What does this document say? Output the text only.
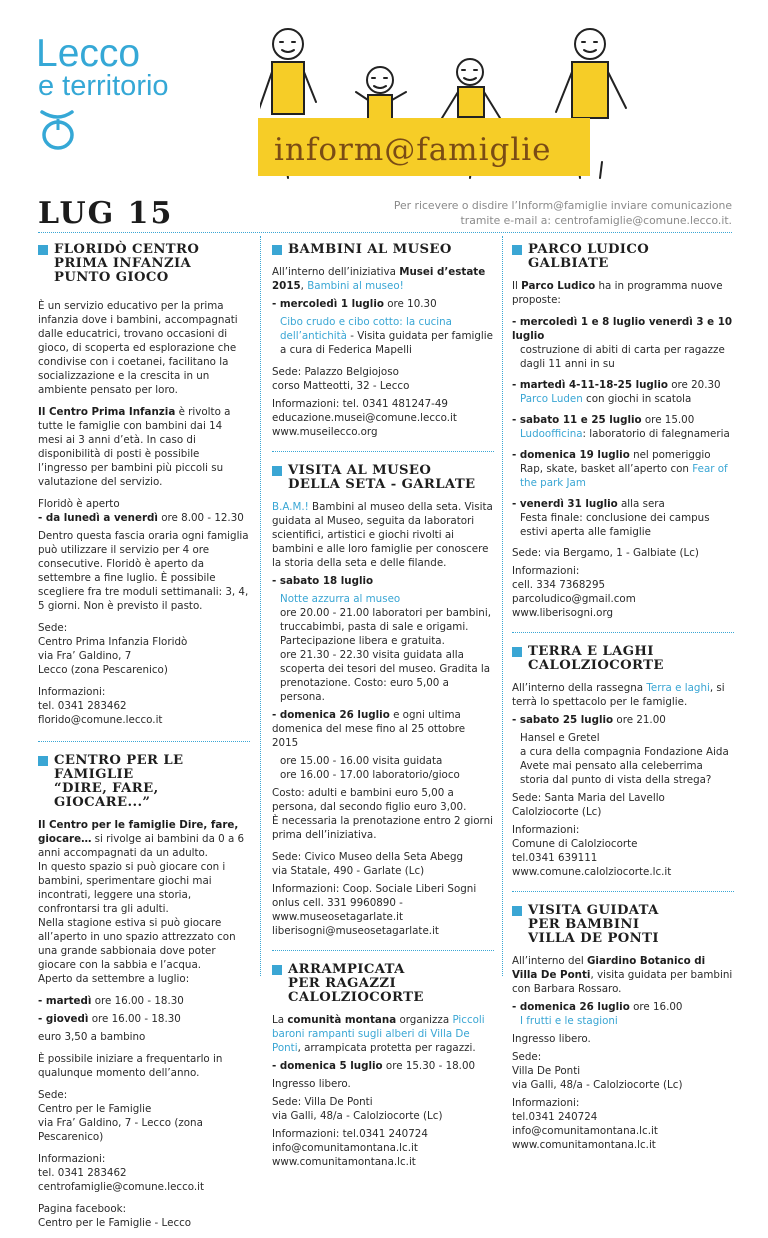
Lecco
e territorio
inform@famiglie
LUG 15	Per ricevere o disdire l’Inform@famiglie inviare comunicazione
tramite e-mail a: centrofamiglie@comune.lecco.it.
FLORIDÒ CENTRO
PRIMA INFANZIA
PUNTO GIOCO

È un servizio educativo per la prima infanzia dove i bambini, accompagnati dalle educatrici, trovano occasioni di gioco, di scoperta ed esplorazione che condivise con i coetanei, facilitano la socializzazione e la crescita in un ambiente pensato per loro.

Il Centro Prima Infanzia è rivolto a tutte le famiglie con bambini dai 14 mesi ai 3 anni d’età. In caso di disponibilità di posti è possibile l’ingresso per bambini più piccoli su valutazione del servizio.

Floridò è aperto
- da lunedì a venerdì ore 8.00 - 12.30

Dentro questa fascia oraria ogni famiglia può utilizzare il servizio per 4 ore consecutive. Floridò è aperto da settembre a fine luglio. È possibile scegliere fra tre moduli settimanali: 3, 4, 5 giorni. Non è previsto il pasto.

Sede:
Centro Prima Infanzia Floridò
via Fra’ Galdino, 7
Lecco (zona Pescarenico)

Informazioni:
tel. 0341 283462
florido@comune.lecco.it

CENTRO PER LE FAMIGLIE
“DIRE, FARE, GIOCARE...”

Il Centro per le famiglie Dire, fare, giocare… si rivolge ai bambini da 0 a 6 anni accompagnati da un adulto.
In questo spazio si può giocare con i bambini, sperimentare giochi mai incontrati, leggere una storia, confrontarsi tra gli adulti.
Nella stagione estiva si può giocare all’aperto in uno spazio attrezzato con una grande sabbionaia dove poter giocare con la sabbia e l’acqua.
Aperto da settembre a luglio:

- martedì ore 16.00 - 18.30

- giovedì ore 16.00 - 18.30

euro 3,50 a bambino

È possibile iniziare a frequentarlo in qualunque momento dell’anno.

Sede:
Centro per le Famiglie
via Fra’ Galdino, 7 - Lecco (zona Pescarenico)

Informazioni:
tel. 0341 283462
centrofamiglie@comune.lecco.it

Pagina facebook:
Centro per le Famiglie - Lecco

BAMBINI AL MUSEO

All’interno dell’iniziativa Musei d’estate 2015, Bambini al museo!

- mercoledì 1 luglio ore 10.30

Cibo crudo e cibo cotto: la cucina dell’antichità - Visita guidata per famiglie
a cura di Federica Mapelli

Sede: Palazzo Belgiojoso
corso Matteotti, 32 - Lecco

Informazioni: tel. 0341 481247-49
educazione.musei@comune.lecco.it
www.museilecco.org

VISITA AL MUSEO
DELLA SETA - GARLATE

B.A.M.! Bambini al museo della seta. Visita guidata al Museo, seguita da laboratori scientifici, artistici e giochi rivolti ai bambini e alle loro famiglie per conoscere la storia della seta e delle filande.

- sabato 18 luglio

Notte azzurra al museo
ore 20.00 - 21.00 laboratori per bambini, truccabimbi, pasta di sale e origami. Partecipazione libera e gratuita.
ore 21.30 - 22.30 visita guidata alla scoperta dei tesori del museo. Gradita la prenotazione. Costo: euro 5,00 a persona.

- domenica 26 luglio e ogni ultima domenica del mese fino al 25 ottobre 2015

ore 15.00 - 16.00 visita guidata
ore 16.00 - 17.00 laboratorio/gioco

Costo: adulti e bambini euro 5,00 a persona, dal secondo figlio euro 3,00.
È necessaria la prenotazione entro 2 giorni prima dell’iniziativa.

Sede: Civico Museo della Seta Abegg
via Statale, 490 - Garlate (Lc)

Informazioni: Coop. Sociale Liberi Sogni onlus cell. 331 9960890 - www.museosetagarlate.it liberisogni@museosetagarlate.it

ARRAMPICATA
PER RAGAZZI
CALOLZIOCORTE

La comunità montana organizza Piccoli baroni rampanti sugli alberi di Villa De Ponti, arrampicata protetta per ragazzi.

- domenica 5 luglio ore 15.30 - 18.00

Ingresso libero.

Sede: Villa De Ponti
via Galli, 48/a - Calolziocorte (Lc)

Informazioni: tel.0341 240724
info@comunitamontana.lc.it
www.comunitamontana.lc.it

PARCO LUDICO GALBIATE

Il Parco Ludico ha in programma nuove proposte:

- mercoledì 1 e 8 luglio venerdì 3 e 10 luglio

costruzione di abiti di carta per ragazze dagli 11 anni in su

- martedì 4-11-18-25 luglio ore 20.30
Parco Luden con giochi in scatola

- sabato 11 e 25 luglio ore 15.00
Ludoofficina: laboratorio di falegnameria

- domenica 19 luglio nel pomeriggio

Rap, skate, basket all’aperto con Fear of the park Jam

- venerdì 31 luglio alla sera

Festa finale: conclusione dei campus estivi aperta alle famiglie

Sede: via Bergamo, 1 - Galbiate (Lc)

Informazioni:
cell. 334 7368295
parcoludico@gmail.com
www.liberisogni.org

TERRA E LAGHI
CALOLZIOCORTE

All’interno della rassegna Terra e laghi, si terrà lo spettacolo per le famiglie.

- sabato 25 luglio ore 21.00

Hansel e Gretel
a cura della compagnia Fondazione Aida
Avete mai pensato alla celeberrima storia dal punto di vista della strega?

Sede: Santa Maria del Lavello
Calolziocorte (Lc)

Informazioni:
Comune di Calolziocorte
tel.0341 639111
www.comune.calolziocorte.lc.it

VISITA GUIDATA
PER BAMBINI
VILLA DE PONTI

All’interno del Giardino Botanico di Villa De Ponti, visita guidata per bambini con Barbara Rossaro.

- domenica 26 luglio ore 16.00
I frutti e le stagioni

Ingresso libero.

Sede:
Villa De Ponti
via Galli, 48/a - Calolziocorte (Lc)

Informazioni:
tel.0341 240724
info@comunitamontana.lc.it
www.comunitamontana.lc.it
